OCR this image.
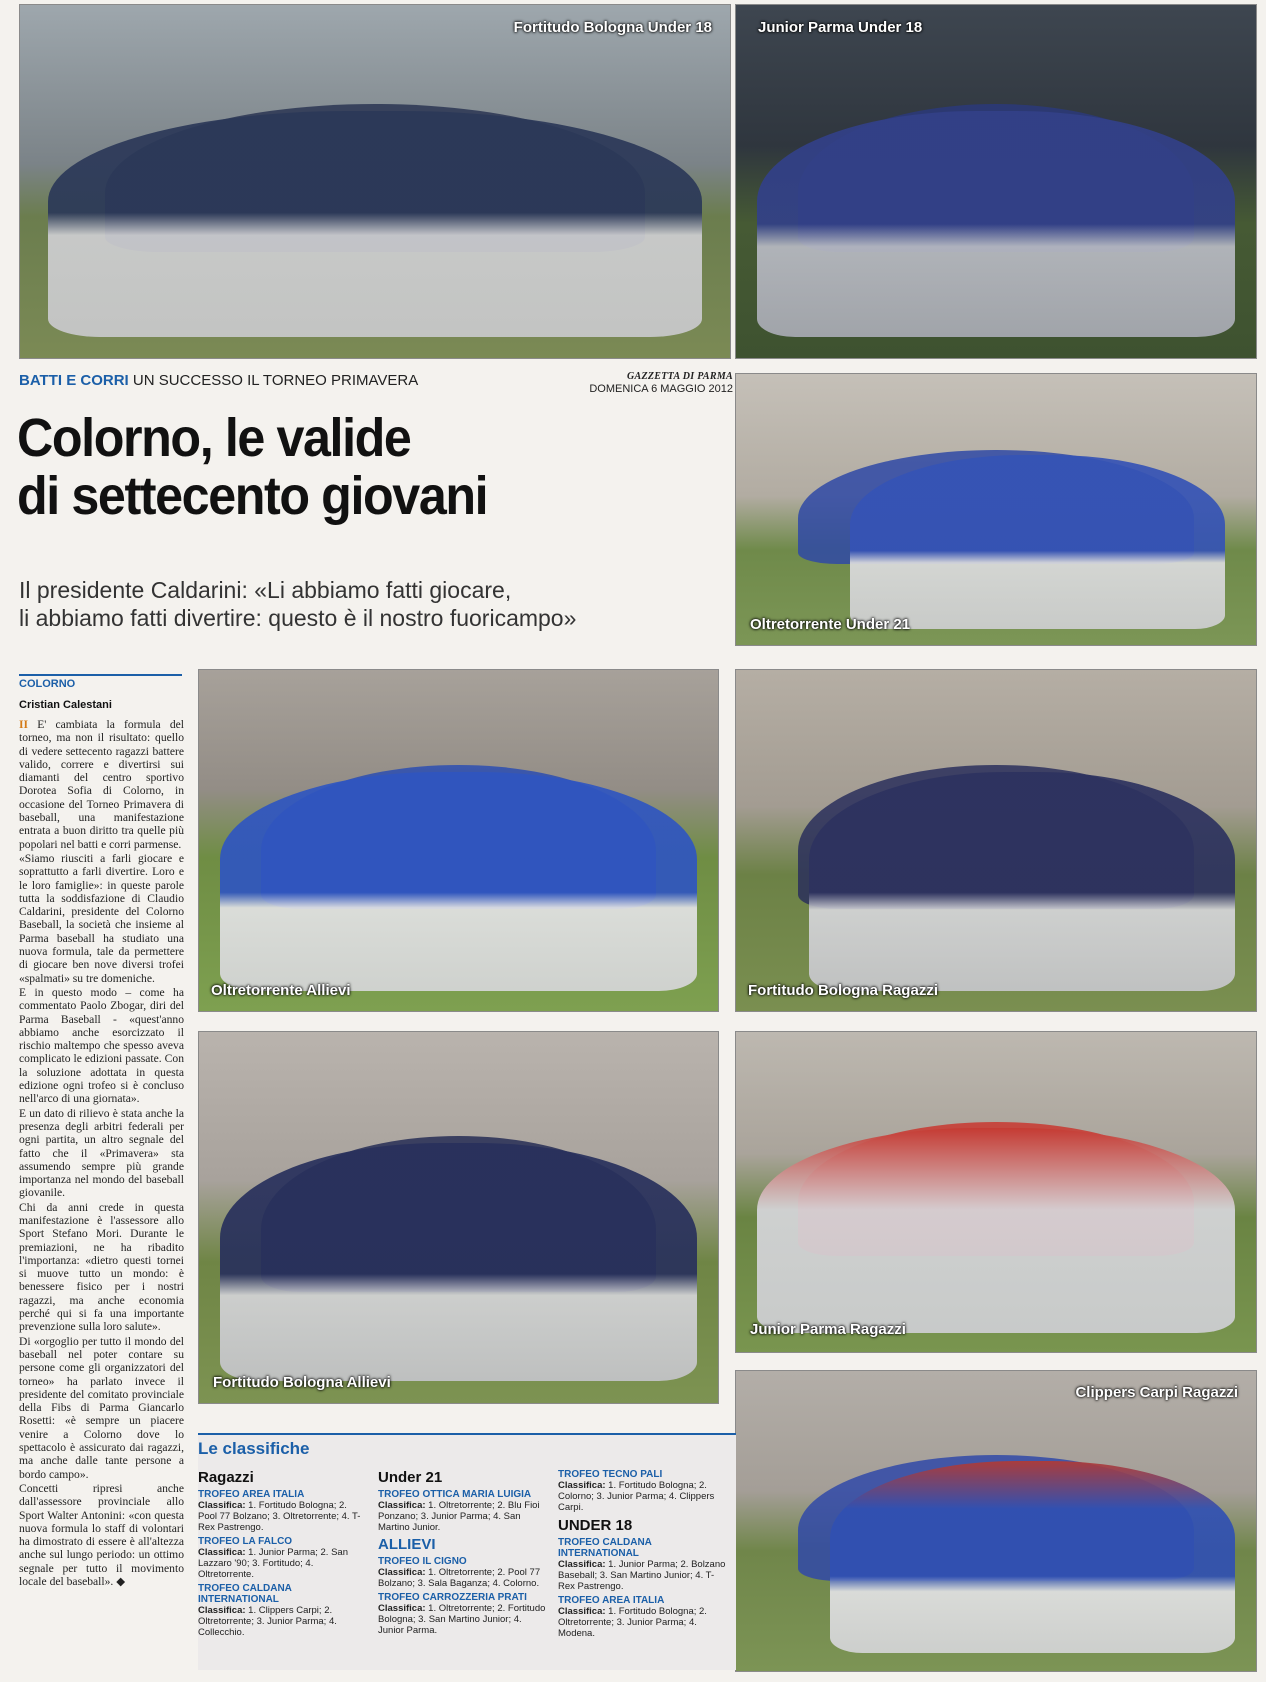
Fortitudo Bologna Under 18	Junior Parma Under 18
Oltretorrente Under 21
Oltretorrente Allievi	Fortitudo Bologna Ragazzi
Fortitudo Bologna Allievi
Junior Parma Ragazzi
Clippers Carpi Ragazzi
BATTI E CORRI UN SUCCESSO IL TORNEO PRIMAVERA	GAZZETTA DI PARMA
DOMENICA 6 MAGGIO 2012
Colorno, le valide
di settecento giovani
Il presidente Caldarini: «Li abbiamo fatti giocare,
li abbiamo fatti divertire: questo è il nostro fuoricampo»
COLORNO
Cristian Calestani

II E' cambiata la formula del torneo, ma non il risultato: quello di vedere settecento ragazzi battere valido, correre e divertirsi sui diamanti del centro sportivo Dorotea Sofia di Colorno, in occasione del Torneo Primavera di baseball, una manifestazione entrata a buon diritto tra quelle più popolari nel batti e corri parmense.

«Siamo riusciti a farli giocare e soprattutto a farli divertire. Loro e le loro famiglie»: in queste parole tutta la soddisfazione di Claudio Caldarini, presidente del Colorno Baseball, la società che insieme al Parma baseball ha studiato una nuova formula, tale da permettere di giocare ben nove diversi trofei «spalmati» su tre domeniche.

E in questo modo – come ha commentato Paolo Zbogar, diri del Parma Baseball - «quest'anno abbiamo anche esorcizzato il rischio maltempo che spesso aveva complicato le edizioni passate. Con la soluzione adottata in questa edizione ogni trofeo si è concluso nell'arco di una giornata».

E un dato di rilievo è stata anche la presenza degli arbitri federali per ogni partita, un altro segnale del fatto che il «Primavera» sta assumendo sempre più grande importanza nel mondo del baseball giovanile.

Chi da anni crede in questa manifestazione è l'assessore allo Sport Stefano Mori. Durante le premiazioni, ne ha ribadito l'importanza: «dietro questi tornei si muove tutto un mondo: è benessere fisico per i nostri ragazzi, ma anche economia perché qui si fa una importante prevenzione sulla loro salute».

Di «orgoglio per tutto il mondo del baseball nel poter contare su persone come gli organizzatori del torneo» ha parlato invece il presidente del comitato provinciale della Fibs di Parma Giancarlo Rosetti: «è sempre un piacere venire a Colorno dove lo spettacolo è assicurato dai ragazzi, ma anche dalle tante persone a bordo campo».

Concetti ripresi anche dall'assessore provinciale allo Sport Walter Antonini: «con questa nuova formula lo staff di volontari ha dimostrato di essere è all'altezza anche sul lungo periodo: un ottimo segnale per tutto il movimento locale del baseball». ◆

Le classifiche
Ragazzi
TROFEO AREA ITALIA

Classifica: 1. Fortitudo Bologna; 2. Pool 77 Bolzano; 3. Oltretorrente; 4. T-Rex Pastrengo.

TROFEO LA FALCO

Classifica: 1. Junior Parma; 2. San Lazzaro '90; 3. Fortitudo; 4. Oltretorrente.

TROFEO CALDANA INTERNATIONAL

Classifica: 1. Clippers Carpi; 2. Oltretorrente; 3. Junior Parma; 4. Collecchio.

Under 21
TROFEO OTTICA MARIA LUIGIA

Classifica: 1. Oltretorrente; 2. Blu Fioi Ponzano; 3. Junior Parma; 4. San Martino Junior.

ALLIEVI
TROFEO IL CIGNO

Classifica: 1. Oltretorrente; 2. Pool 77 Bolzano; 3. Sala Baganza; 4. Colorno.

TROFEO CARROZZERIA PRATI

Classifica: 1. Oltretorrente; 2. Fortitudo Bologna; 3. San Martino Junior; 4. Junior Parma.

TROFEO TECNO PALI

Classifica: 1. Fortitudo Bologna; 2. Colorno; 3. Junior Parma; 4. Clippers Carpi.

UNDER 18
TROFEO CALDANA INTERNATIONAL

Classifica: 1. Junior Parma; 2. Bolzano Baseball; 3. San Martino Junior; 4. T-Rex Pastrengo.

TROFEO AREA ITALIA

Classifica: 1. Fortitudo Bologna; 2. Oltretorrente; 3. Junior Parma; 4. Modena.
